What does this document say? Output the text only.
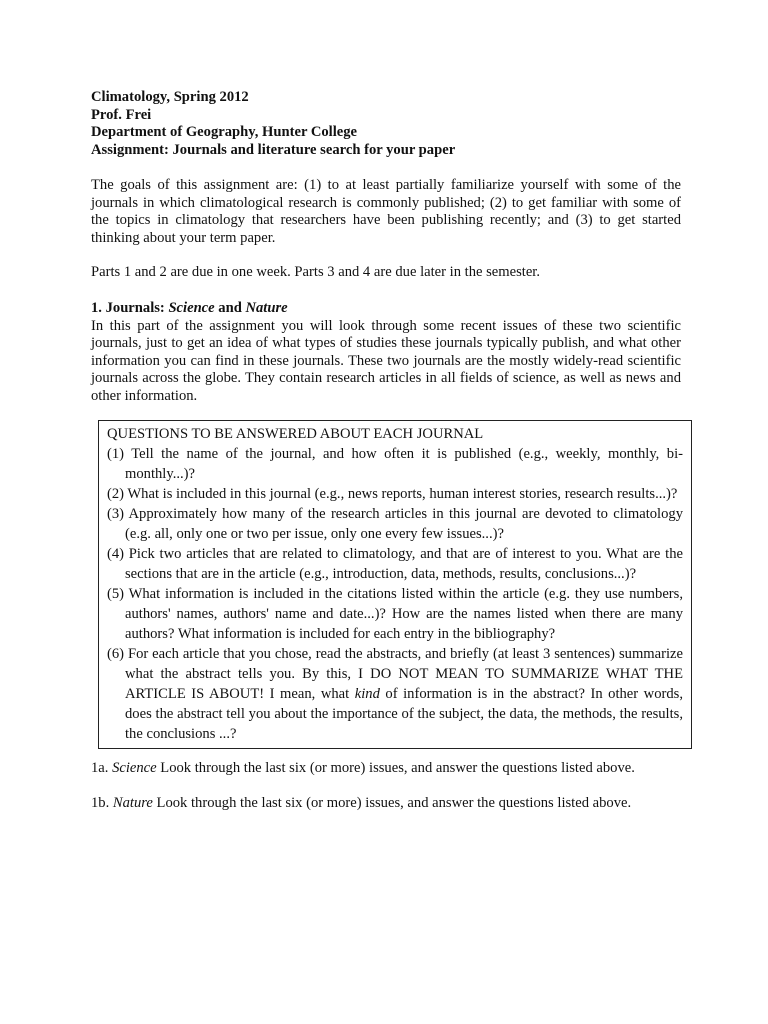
Climatology, Spring 2012

Prof. Frei

Department of Geography, Hunter College

Assignment: Journals and literature search for your paper

The goals of this assignment are: (1) to at least partially familiarize yourself with some of the journals in which climatological research is commonly published; (2) to get familiar with some of the topics in climatology that researchers have been publishing recently; and (3) to get started thinking about your term paper.

Parts 1 and 2 are due in one week. Parts 3 and 4 are due later in the semester.

1. Journals: Science and Nature

In this part of the assignment you will look through some recent issues of these two scientific journals, just to get an idea of what types of studies these journals typically publish, and what other information you can find in these journals. These two journals are the mostly widely-read scientific journals across the globe. They contain research articles in all fields of science, as well as news and other information.

QUESTIONS TO BE ANSWERED ABOUT EACH JOURNAL

(1) Tell the name of the journal, and how often it is published (e.g., weekly, monthly, bi-monthly...)?

(2) What is included in this journal (e.g., news reports, human interest stories, research results...)?

(3) Approximately how many of the research articles in this journal are devoted to climatology (e.g. all, only one or two per issue, only one every few issues...)?

(4) Pick two articles that are related to climatology, and that are of interest to you. What are the sections that are in the article (e.g., introduction, data, methods, results, conclusions...)?

(5) What information is included in the citations listed within the article (e.g. they use numbers, authors' names, authors' name and date...)? How are the names listed when there are many authors? What information is included for each entry in the bibliography?

(6) For each article that you chose, read the abstracts, and briefly (at least 3 sentences) summarize what the abstract tells you. By this, I DO NOT MEAN TO SUMMARIZE WHAT THE ARTICLE IS ABOUT! I mean, what kind of information is in the abstract? In other words, does the abstract tell you about the importance of the subject, the data, the methods, the results, the conclusions ...?

1a. Science Look through the last six (or more) issues, and answer the questions listed above.

1b. Nature Look through the last six (or more) issues, and answer the questions listed above.
